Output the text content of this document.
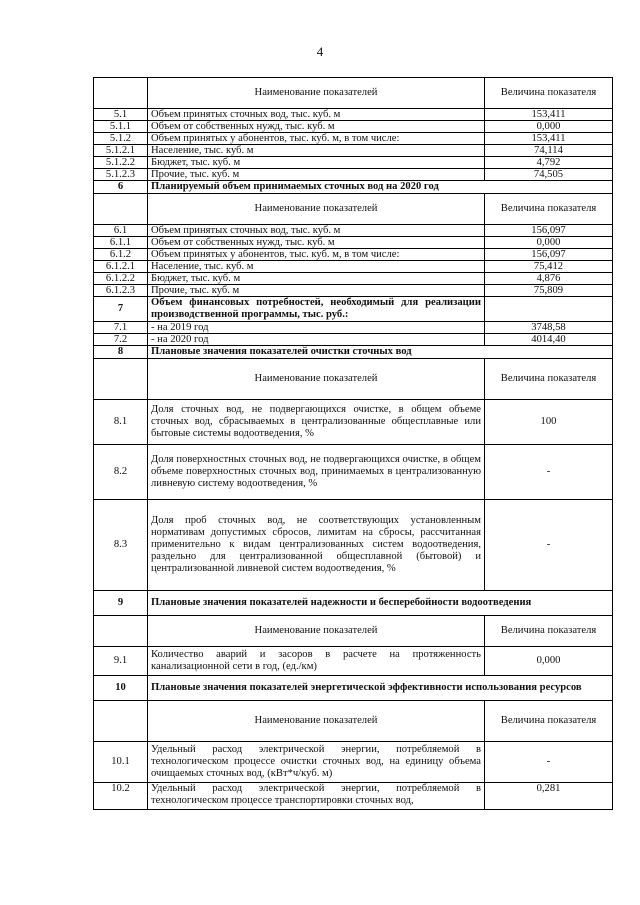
4
	Наименование показателей	Величина показателя
5.1	Объем принятых сточных вод, тыс. куб. м	153,411
5.1.1	Объем от собственных нужд, тыс. куб. м	0,000
5.1.2	Объем принятых у абонентов, тыс. куб. м, в том числе:	153,411
5.1.2.1	Население, тыс. куб. м	74,114
5.1.2.2	Бюджет, тыс. куб. м	4,792
5.1.2.3	Прочие, тыс. куб. м	74,505
6	Планируемый объем принимаемых сточных вод на 2020 год	
	Наименование показателей	Величина показателя
6.1	Объем принятых сточных вод, тыс. куб. м	156,097
6.1.1	Объем от собственных нужд, тыс. куб. м	0,000
6.1.2	Объем принятых у абонентов, тыс. куб. м, в том числе:	156,097
6.1.2.1	Население, тыс. куб. м	75,412
6.1.2.2	Бюджет, тыс. куб. м	4,876
6.1.2.3	Прочие, тыс. куб. м	75,809
7	Объем финансовых потребностей, необходимый для реализации производственной программы, тыс. руб.:	
7.1	- на 2019 год	3748,58
7.2	- на 2020 год	4014,40
8	Плановые значения показателей очистки сточных вод	
	Наименование показателей	Величина показателя
8.1	Доля сточных вод, не подвергающихся очистке, в общем объеме сточных вод, сбрасываемых в централизованные общесплавные или бытовые системы водоотведения, %	100
8.2	Доля поверхностных сточных вод, не подвергающихся очистке, в общем объеме поверхностных сточных вод, принимаемых в централизованную ливневую систему водоотведения, %	-
8.3	Доля проб сточных вод, не соответствующих установленным нормативам допустимых сбросов, лимитам на сбросы, рассчитанная применительно к видам централизованных систем водоотведения, раздельно для централизованной общесплавной (бытовой) и централизованной ливневой систем водоотведения, %	-
9	Плановые значения показателей надежности и бесперебойности водоотведения	
	Наименование показателей	Величина показателя
9.1	Количество аварий и засоров в расчете на протяженность канализационной сети в год, (ед./км)	0,000
10	Плановые значения показателей энергетической эффективности использования ресурсов	
	Наименование показателей	Величина показателя
10.1	Удельный расход электрической энергии, потребляемой в технологическом процессе очистки сточных вод, на единицу объема очищаемых сточных вод, (кВт*ч/куб. м)	-
10.2	Удельный расход электрической энергии, потребляемой в технологическом процессе транспортировки сточных вод,	0,281
